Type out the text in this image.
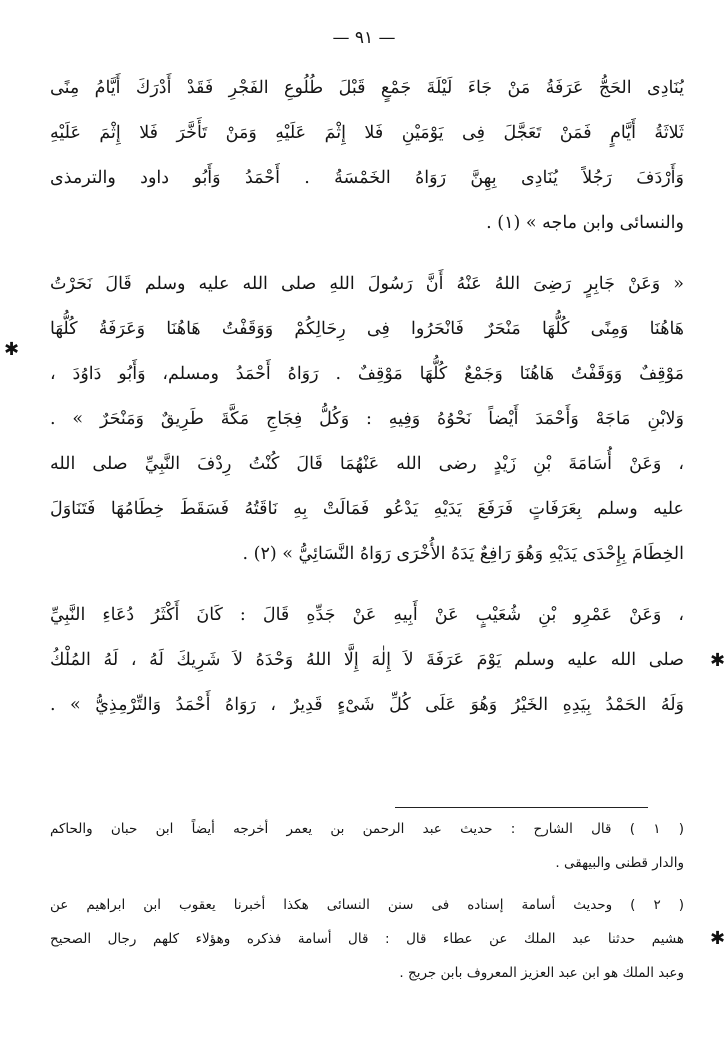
— ٩١ —
يُنَادِى الحَجُّ عَرَفَةُ مَنْ جَاءَ لَيْلَةَ جَمْعٍ قَبْلَ طُلُوعِ الفَجْرِ فَقَدْ أَدْرَكَ أَيَّامُ مِنًى
ثَلاثَةُ أَيَّامٍ فَمَنْ تَعَجَّلَ فِى يَوْمَيْنِ فَلا إِثْمَ عَلَيْهِ وَمَنْ تَأَخَّرَ فَلا إِثْمَ عَلَيْهِ
وَأَرْدَفَ رَجُلاً يُنَادِى بِهِنَّ رَوَاهُ الخَمْسَةُ . أَحْمَدُ وَأَبُو داود والترمذى
والنسائى وابن ماجه » (١) .
« وَعَنْ جَابِرٍ رَضِىَ اللهُ عَنْهُ أَنَّ رَسُولَ اللهِ صلى الله عليه وسلم قَالَ نَحَرْتُ
هَاهُنَا وَمِنًى كُلُّهَا مَنْحَرٌ فَانْحَرُوا فِى رِحَالِكُمْ وَوَقَفْتُ هَاهُنَا وَعَرَفَةُ كُلُّهَا
مَوْقِفٌ وَوَقَفْتُ هَاهُنَا وَجَمْعٌ كُلُّهَا مَوْقِفٌ . رَوَاهُ أَحْمَدُ ومسلم، وَأَبُو دَاوُدَ ،
وَلابْنِ مَاجَهْ وَأَحْمَدَ أَيْضاً نَحْوُهُ وَفِيهِ : وَكُلُّ فِجَاجِ مَكَّةَ طَرِيقٌ وَمَنْحَرٌ » .
، وَعَنْ أُسَامَةَ بْنِ زَيْدٍ رضى الله عَنْهُمَا قَالَ كُنْتُ رِدْفَ النَّبِيِّ صلى الله
عليه وسلم بِعَرَفَاتٍ فَرَفَعَ يَدَيْهِ يَدْعُو فَمَالَتْ بِهِ نَاقَتُهُ فَسَقَطَ خِطَامُهَا فَتَنَاوَلَ
الخِطَامَ بِإِحْدَى يَدَيْهِ وَهُوَ رَافِعٌ يَدَهُ الأُخْرَى رَوَاهُ النَّسَائِيُّ » (٢) .
، وَعَنْ عَمْرِو بْنِ شُعَيْبٍ عَنْ أَبِيهِ عَنْ جَدِّهِ قَالَ : كَانَ أَكْثَرُ دُعَاءِ النَّبِيِّ
صلى الله عليه وسلم يَوْمَ عَرَفَةَ لاَ إِلٰهَ إِلَّا اللهُ وَحْدَهُ لاَ شَرِيكَ لَهُ ، لَهُ المُلْكُ
وَلَهُ الحَمْدُ بِيَدِهِ الخَيْرُ وَهُوَ عَلَى كُلِّ شَىْءٍ قَدِيرٌ ، رَوَاهُ أَحْمَدُ وَالتِّرْمِذِيُّ » .
( ١ ) قال الشارح : حديث عبد الرحمن بن يعمر أخرجه أيضاً ابن حبان والحاكم
والدار قطنى والبيهقى .
( ٢ ) وحديث أسامة إسناده فى سنن النسائى هكذا أخبرنا يعقوب ابن ابراهيم عن
هشيم حدثنا عبد الملك عن عطاء قال : قال أسامة فذكره وهؤلاء كلهم رجال الصحيح
وعبد الملك هو ابن عبد العزيز المعروف بابن جريج .
✱
✱
✱
